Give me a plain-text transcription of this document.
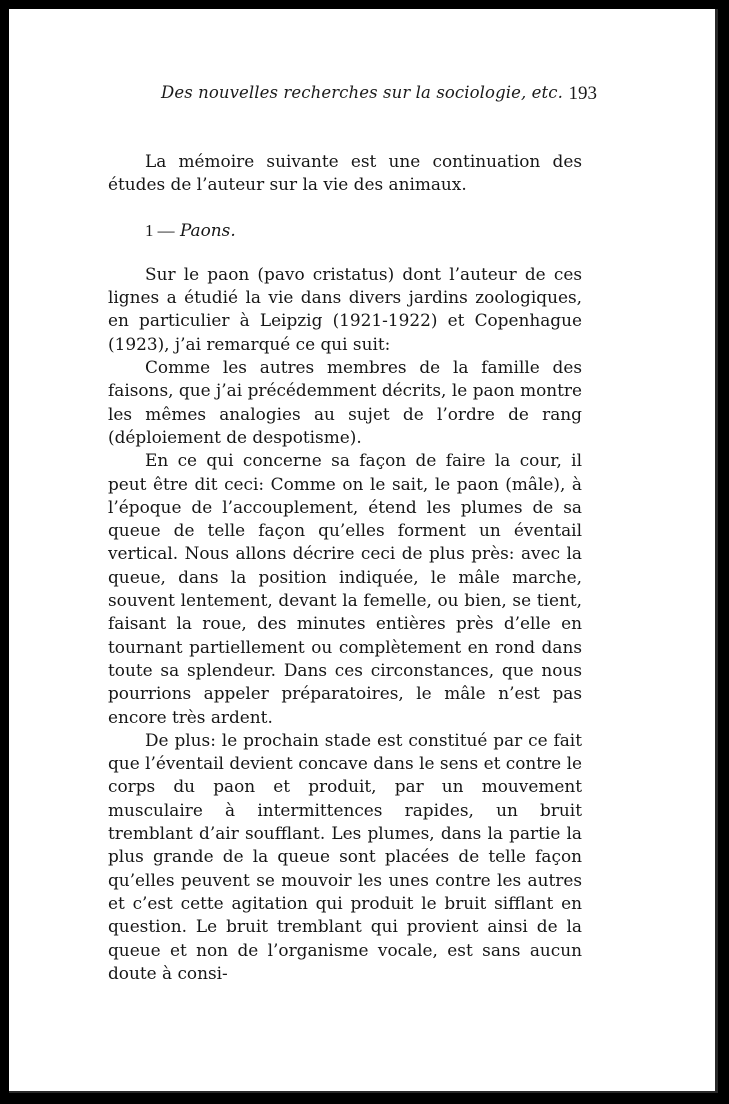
Des nouvelles recherches sur la sociologie, etc. 193

La mémoire suivante est une continuation des études de l’auteur sur la vie des animaux.

1 — Paons.

Sur le paon (pavo cristatus) dont l’auteur de ces lignes a étudié la vie dans divers jardins zoologiques, en particulier à Leipzig (1921-1922) et Copenhague (1923), j’ai remarqué ce qui suit:

Comme les autres membres de la famille des faisons, que j’ai précédemment décrits, le paon montre les mêmes analogies au sujet de l’ordre de rang (déploiement de despotisme).

En ce qui concerne sa façon de faire la cour, il peut être dit ceci: Comme on le sait, le paon (mâle), à l’époque de l’accouplement, étend les plumes de sa queue de telle façon qu’elles forment un éventail vertical. Nous allons décrire ceci de plus près: avec la queue, dans la position indiquée, le mâle marche, souvent lentement, devant la femelle, ou bien, se tient, faisant la roue, des minutes entières près d’elle en tournant partiellement ou complètement en rond dans toute sa splendeur. Dans ces circonstances, que nous pourrions appeler préparatoires, le mâle n’est pas encore très ardent.

De plus: le prochain stade est constitué par ce fait que l’éventail devient concave dans le sens et contre le corps du paon et produit, par un mouvement musculaire à intermittences rapides, un bruit tremblant d’air soufflant. Les plumes, dans la partie la plus grande de la queue sont placées de telle façon qu’elles peuvent se mouvoir les unes contre les autres et c’est cette agitation qui produit le bruit sifflant en question. Le bruit tremblant qui provient ainsi de la queue et non de l’organisme vocale, est sans aucun doute à consi-
